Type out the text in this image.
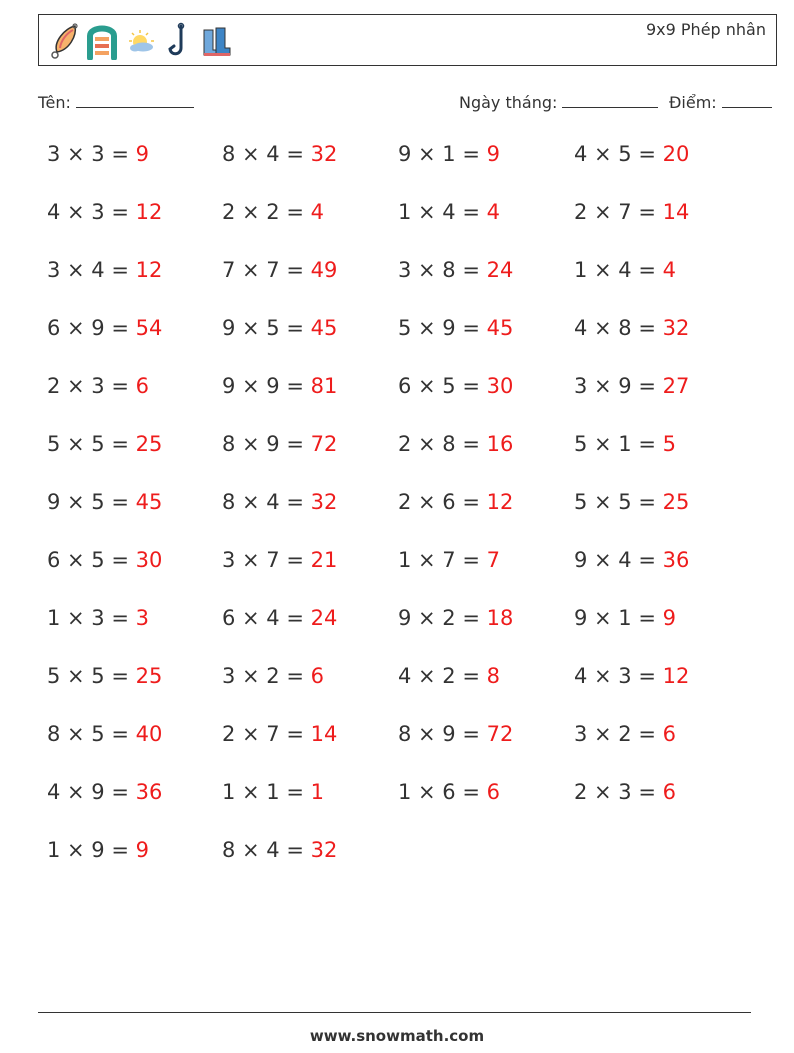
9x9 Phép nhân
Tên:	Ngày tháng:	Điểm:
3 × 3 = 9
4 × 3 = 12
3 × 4 = 12
6 × 9 = 54
2 × 3 = 6
5 × 5 = 25
9 × 5 = 45
6 × 5 = 30
1 × 3 = 3
5 × 5 = 25
8 × 5 = 40
4 × 9 = 36
1 × 9 = 9
8 × 4 = 32
2 × 2 = 4
7 × 7 = 49
9 × 5 = 45
9 × 9 = 81
8 × 9 = 72
8 × 4 = 32
3 × 7 = 21
6 × 4 = 24
3 × 2 = 6
2 × 7 = 14
1 × 1 = 1
8 × 4 = 32
9 × 1 = 9
1 × 4 = 4
3 × 8 = 24
5 × 9 = 45
6 × 5 = 30
2 × 8 = 16
2 × 6 = 12
1 × 7 = 7
9 × 2 = 18
4 × 2 = 8
8 × 9 = 72
1 × 6 = 6
4 × 5 = 20
2 × 7 = 14
1 × 4 = 4
4 × 8 = 32
3 × 9 = 27
5 × 1 = 5
5 × 5 = 25
9 × 4 = 36
9 × 1 = 9
4 × 3 = 12
3 × 2 = 6
2 × 3 = 6
www.snowmath.com
